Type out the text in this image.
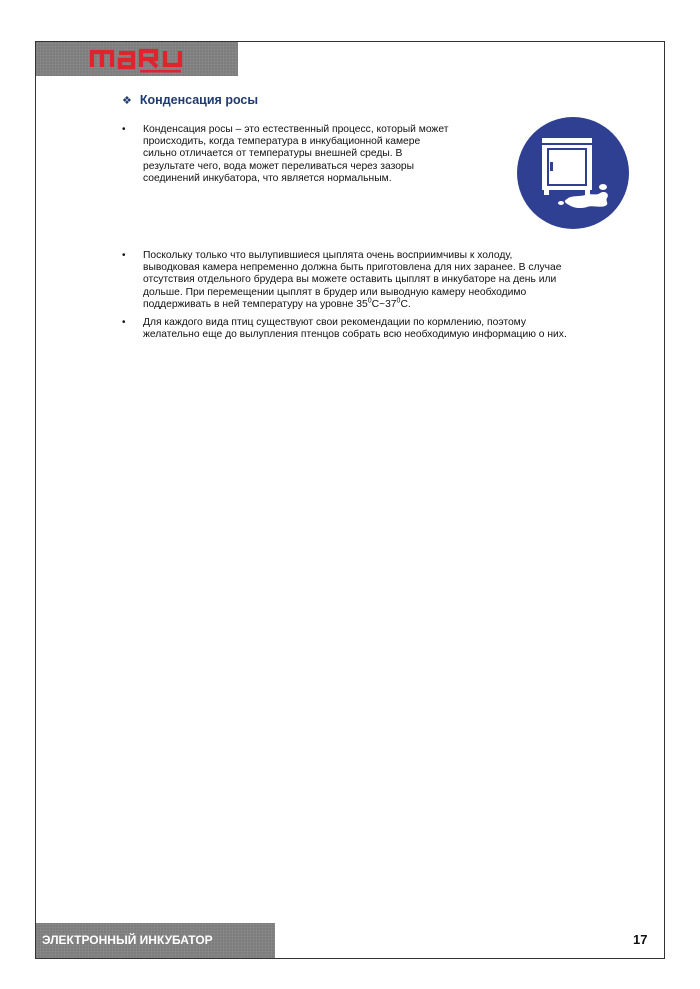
❖ Конденсация росы
• Конденсация росы – это естественный процесс, который может

происходить, когда температура в инкубационной камере

сильно отличается от температуры внешней среды. В

результате чего, вода может переливаться через зазоры

соединений инкубатора, что является нормальным.

• Поскольку только что вылупившиеся цыплята очень восприимчивы к холоду,

выводковая камера непременно должна быть приготовлена для них заранее. В случае

отсутствия отдельного брудера вы можете оставить цыплят в инкубаторе на день или

дольше. При перемещении цыплят в брудер или выводную камеру необходимо

поддерживать в ней температуру на уровне $35^0C\sim 37^0C$.

• Для каждого вида птиц существуют свои рекомендации по кормлению, поэтому

желательно еще до вылупления птенцов собрать всю необходимую информацию о них.

ЭЛЕКТРОННЫЙ ИНКУБАТОР	17
